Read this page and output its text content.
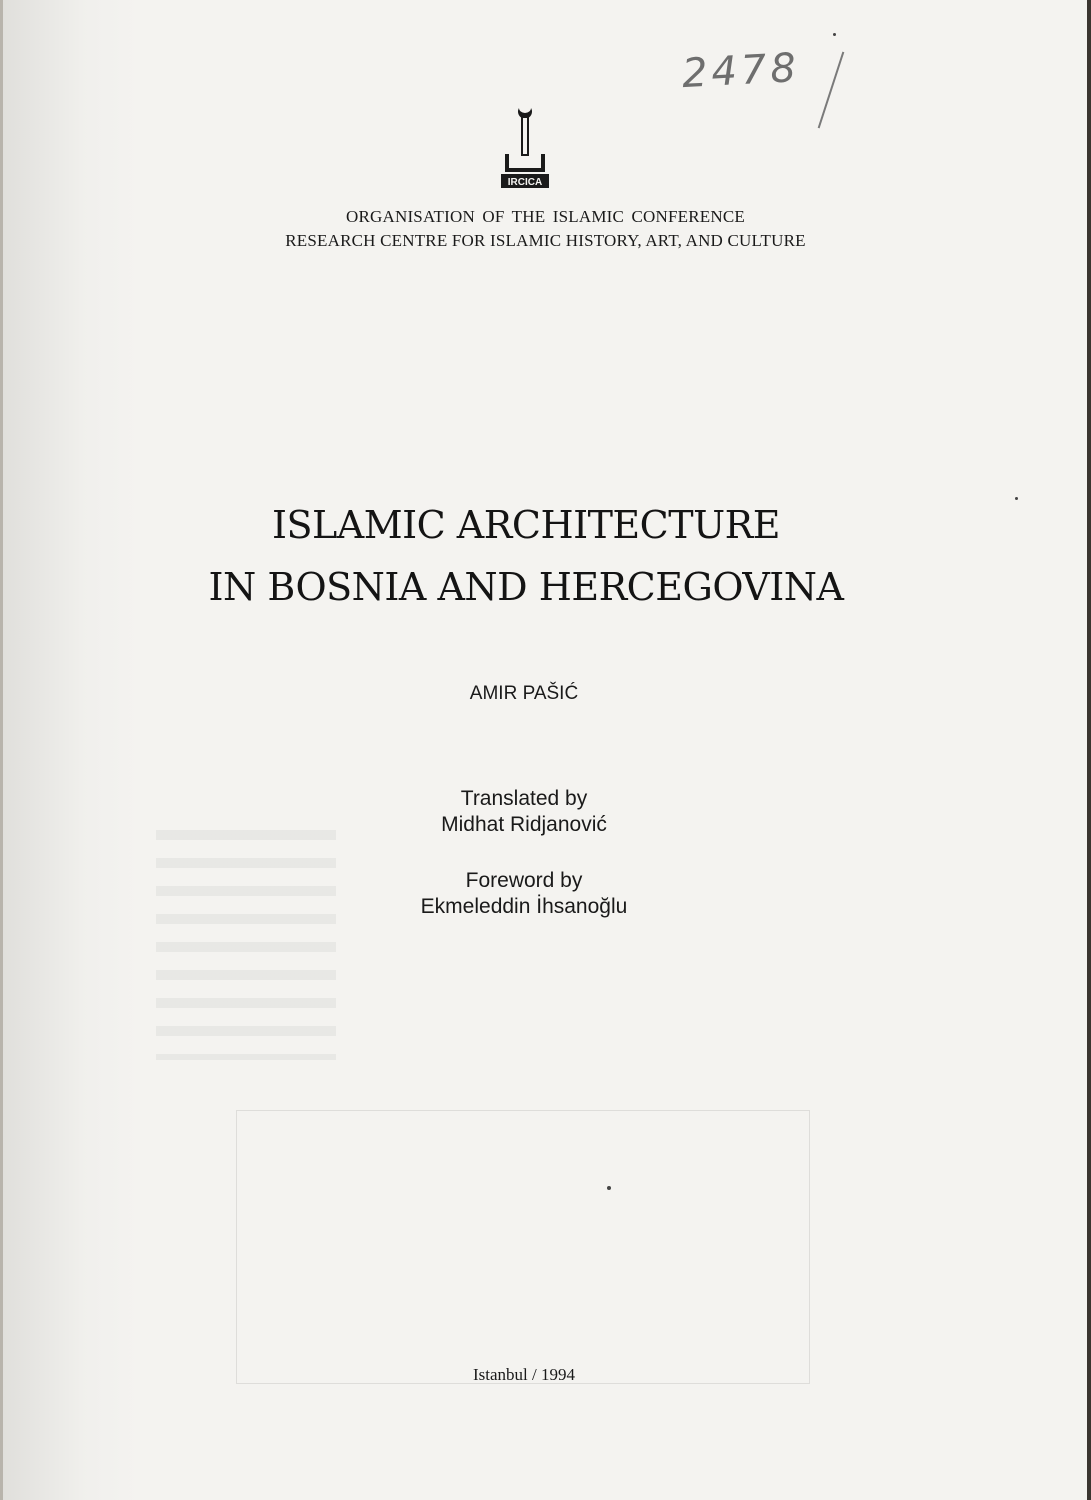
2478
IRCICA
ORGANISATION OF THE ISLAMIC CONFERENCE
RESEARCH CENTRE FOR ISLAMIC HISTORY, ART, AND CULTURE
ISLAMIC ARCHITECTURE
IN BOSNIA AND HERCEGOVINA
AMIR PAŠIĆ
Translated by
Midhat Ridjanović
Foreword by
Ekmeleddin İhsanoğlu
Istanbul / 1994
